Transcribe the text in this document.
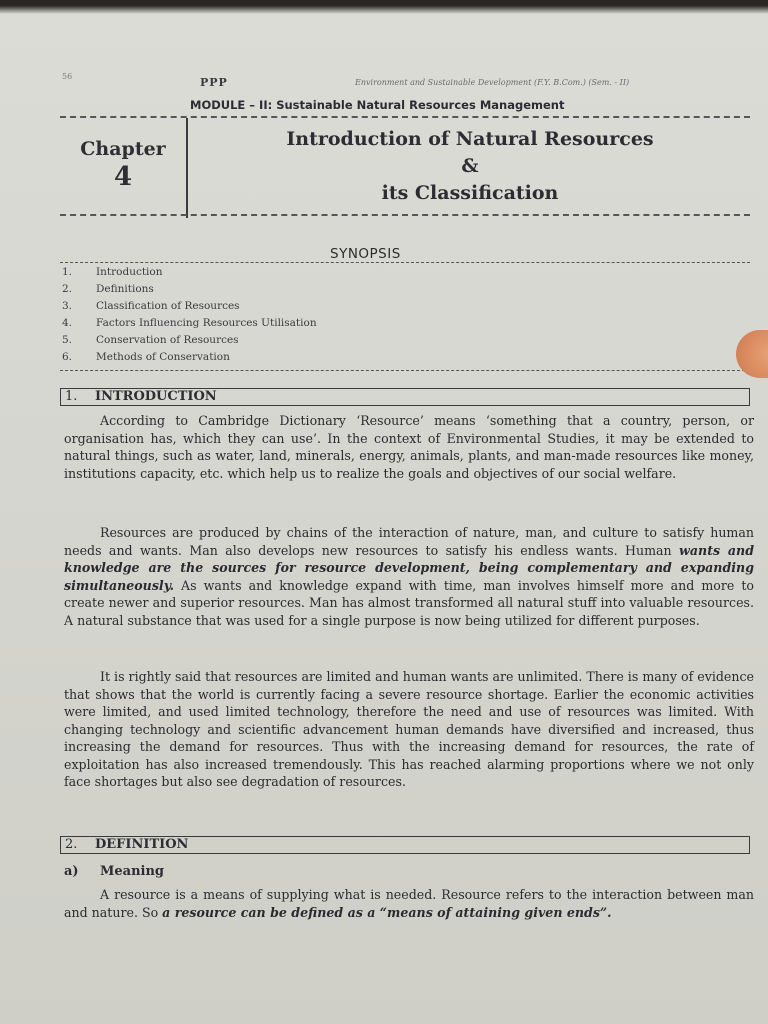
56	PPP	Environment and Sustainable Development (F.Y. B.Com.) (Sem. - II)
MODULE – II: Sustainable Natural Resources Management
Chapter
4
Introduction of Natural Resources
&
its Classification
SYNOPSIS
1. Introduction
2. Definitions
3. Classification of Resources
4. Factors Influencing Resources Utilisation
5. Conservation of Resources
6. Methods of Conservation
1. INTRODUCTION

According to Cambridge Dictionary ‘Resource’ means ‘something that a country, person, or organisation has, which they can use’. In the context of Environmental Studies, it may be extended to natural things, such as water, land, minerals, energy, animals, plants, and man-made resources like money, institutions capacity, etc. which help us to realize the goals and objectives of our social welfare.

Resources are produced by chains of the interaction of nature, man, and culture to satisfy human needs and wants. Man also develops new resources to satisfy his endless wants. Human wants and knowledge are the sources for resource development, being complementary and expanding simultaneously. As wants and knowledge expand with time, man involves himself more and more to create newer and superior resources. Man has almost transformed all natural stuff into valuable resources. A natural substance that was used for a single purpose is now being utilized for different purposes.

It is rightly said that resources are limited and human wants are unlimited. There is many of evidence that shows that the world is currently facing a severe resource shortage. Earlier the economic activities were limited, and used limited technology, therefore the need and use of resources was limited. With changing technology and scientific advancement human demands have diversified and increased, thus increasing the demand for resources. Thus with the increasing demand for resources, the rate of exploitation has also increased tremendously. This has reached alarming proportions where we not only face shortages but also see degradation of resources.

2. DEFINITION
a) Meaning

A resource is a means of supplying what is needed. Resource refers to the interaction between man and nature. So a resource can be defined as a “means of attaining given ends”.
